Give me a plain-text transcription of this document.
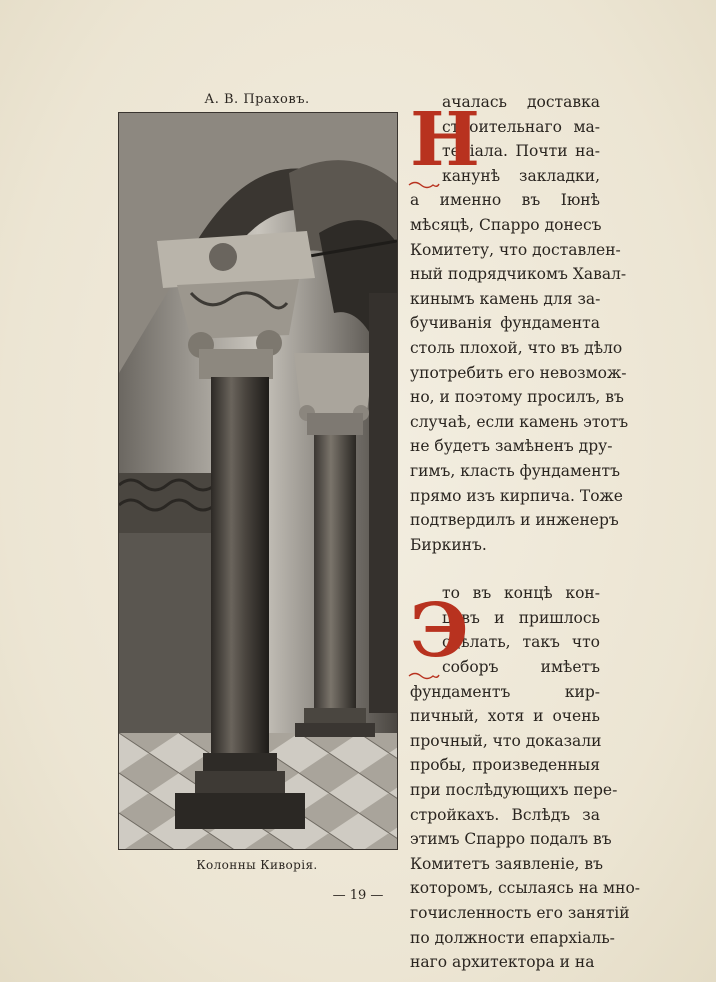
А. В. Праховъ.
Колонны Киворія.
Н
ачалась доставка
строительнаго ма-
теріала. Почти на-
канунѣ закладки,
а именно въ Іюнѣ
мѣсяцѣ, Спарро донесъ
Комитету, что доставлен-
ный подрядчикомъ Хавал-
кинымъ камень для за-
бучиванія фундамента
столь плохой, что въ дѣло
употребить его невозмож-
но, и поэтому просилъ, въ
случаѣ, если камень этотъ
не будетъ замѣненъ дру-
гимъ, класть фундаментъ
прямо изъ кирпича. Тоже
подтвердилъ и инженеръ
Биркинъ.
Э
то въ концѣ кон-
цовъ и пришлось
сдѣлать, такъ что
соборъ имѣетъ
фундаментъ кир-
пичный, хотя и очень
прочный, что доказали
пробы, произведенныя
при послѣдующихъ пере-
стройкахъ. Вслѣдъ за
этимъ Спарро подалъ въ
Комитетъ заявленіе, въ
которомъ, ссылаясь на мно-
гочисленность его занятій
по должности епархіаль-
наго архитектора и на
— 19 —
